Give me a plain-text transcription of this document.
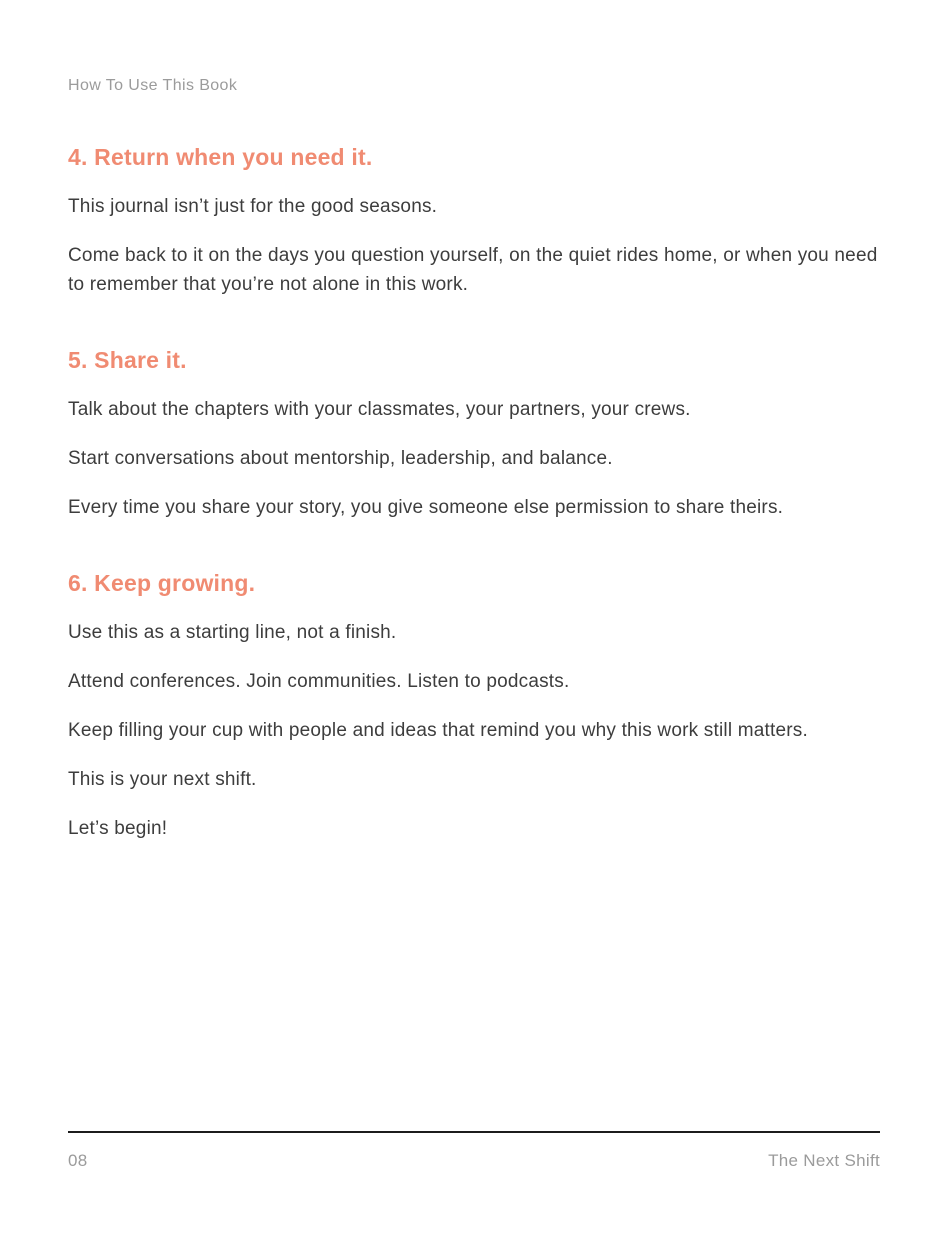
How To Use This Book
4. Return when you need it.

This journal isn’t just for the good seasons.

Come back to it on the days you question yourself, on the quiet rides home, or when you need to remember that you’re not alone in this work.

5. Share it.

Talk about the chapters with your classmates, your partners, your crews.

Start conversations about mentorship, leadership, and balance.

Every time you share your story, you give someone else permission to share theirs.

6. Keep growing.

Use this as a starting line, not a finish.

Attend conferences. Join communities. Listen to podcasts.

Keep filling your cup with people and ideas that remind you why this work still matters.

This is your next shift.

Let’s begin!

08	The Next Shift
